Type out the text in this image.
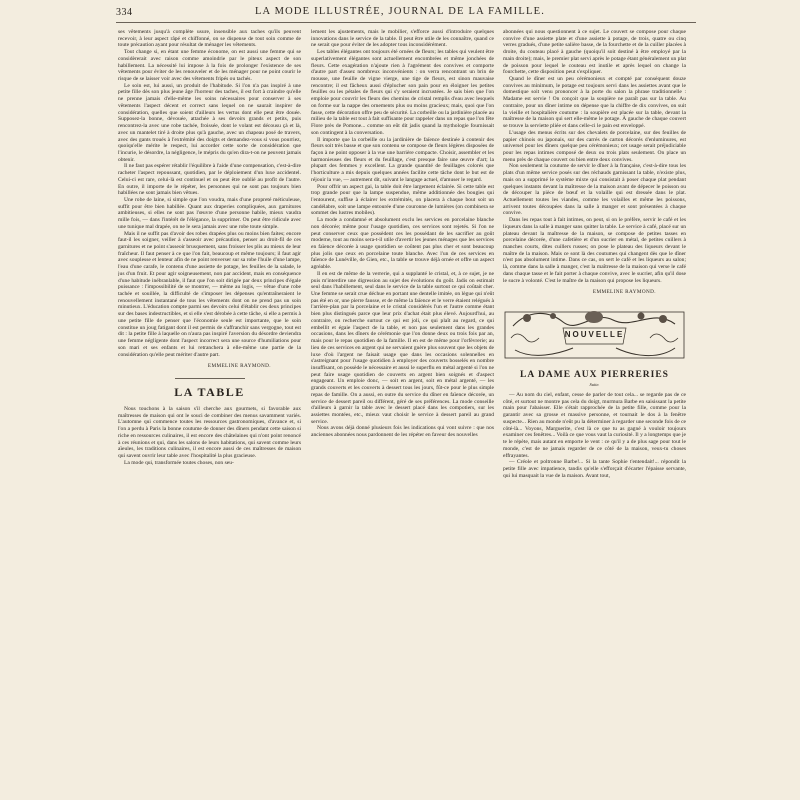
334	LA MODE ILLUSTRÉE, JOURNAL DE LA FAMILLE.

ses vêtements jusqu'à complète usure, insensible aux taches qu'ils peuvent recevoir, à leur aspect râpé et chiffonné, on se dispense de tout soin comme de toute précaution ayant pour résultat de ménager les vêtements.

Tout change si, en étant une femme économe, on est aussi une femme qui se considèrerait avec raison comme amoindrie par le piteux aspect de son habillement. La nécessité lui impose à la fois de prolonger l'existence de ses vêtements pour éviter de les renouveler et de les ménager pour ne point courir le risque de se laisser voir avec des vêtements fripés ou tachés.

Le soin est, lui aussi, un produit de l'habitude. Si l'on n'a pas inspiré à une petite fille dès son plus jeune âge l'horreur des taches, il est fort à craindre qu'elle ne prenne jamais d'elle-même les soins nécessaires pour conserver à ses vêtements l'aspect décent et correct sans lequel on ne saurait inspirer de considération, quelles que soient d'ailleurs les vertus dont elle peut être douée. Supposez-la bonne, dévouée, attachée à ses devoirs grands et petits, puis rencontrez-la avec une robe tachée, froissée, dont le volant est décousu çà et là, avec un mantelet tiré à droite plus qu'à gauche, avec un chapeau posé de travers, avec des gants troués à l'extrémité des doigts et demandez-vous si vous pourriez, quoiqu'elle mérite le respect, lui accorder cette sorte de considération que l'incurie, le désordre, la négligence, le mépris du qu'en dira-t-on ne peuvent jamais obtenir.

Il ne faut pas espérer rétablir l'équilibre à l'aide d'une compensation, c'est-à-dire racheter l'aspect repoussant, quotidien, par le déploiement d'un luxe accidentel. Celui-ci est rare, celui-là est continuel et on peut être oublié au profit de l'autre. En outre, il importe de le répéter, les personnes qui ne sont pas toujours bien habillées ne sont jamais bien vêtues.

Une robe de laine, si simple que l'on voudra, mais d'une propreté méticuleuse, suffit pour être bien habillée. Quant aux draperies compliquées, aux garnitures ambitieuses, si elles ne sont pas l'œuvre d'une personne habile, mieux vaudra mille fois, — dans l'intérêt de l'élégance, la supprimer. On peut être ridicule avec une tunique mal drapée, on ne le sera jamais avec une robe toute simple.

Mais il ne suffit pas d'avoir des robes drapées plus ou moins bien faites; encore faut-il les soigner, veiller à s'asseoir avec précaution, penser au droit-fil de ces garnitures et ne point s'asseoir brusquement, sans froisser les plis au mieux de leur fraîcheur. Il faut penser à ce que l'on fait, beaucoup et même toujours; il faut agir avec souplesse et lenteur afin de ne point renverser sur sa robe l'huile d'une lampe, l'eau d'une carafe, le contenu d'une assiette de potage, les feuilles de la salade, le jus d'un fruit. Et pour agir soigneusement, non par accident, mais en conséquence d'une habitude inébranlable, il faut que l'on soit dirigée par deux principes d'égale puissance : l'impossibilité de se montrer, — même au logis, — vêtue d'une robe tachée et souillée, la difficulté de s'imposer les dépenses qu'entraîneraient le renouvellement instantané de tous les vêtements dont on ne prend pas un soin minutieux. L'éducation compte parmi ses devoirs celui d'établir ces deux principes sur des bases indestructibles, et si elle s'est dérobée à cette tâche, si elle a permis à une petite fille de penser que l'économie seule est importante, que le soin constitue un joug fatigant dont il est permis de s'affranchir sans vergogne, tout est dit : la petite fille à laquelle on n'aura pas inspiré l'aversion du désordre deviendra une femme négligente dont l'aspect incorrect sera une source d'humiliations pour son mari et ses enfants et lui retranchera à elle-même une partie de la considération qu'elle peut mériter d'autre part.

EMMELINE RAYMOND.

LA TABLE

Nous touchons à la saison s'il cherche aux gourmets, si favorable aux maîtresses de maison qui ont le souci de combiner des menus savamment variés. L'automne qui commence toutes les ressources gastronomiques, d'avance et, si l'on a perdu à Paris la bonne coutume de donner des dîners pendant cette saison si riche en ressources culinaires, il est encore des châtelaines qui n'ont point renoncé à ces réunions et qui, dans les salons de leurs habitations, qui savent comme leurs aïeules, les traditions culinaires, il est encore aussi de ces maîtresses de maison qui savent ouvrir leur table avec l'hospitalité la plus gracieuse.

La mode qui, transformée toutes choses, non seu-

lement les ajustements, mais le mobilier, s'efforce aussi d'introduire quelques innovations dans le service de la table. Il peut être utile de les connaître, quand ce ne serait que pour éviter de les adopter tous inconsidérément.

Les tables élégantes ont toujours été ornées de fleurs; les tables qui veulent être superlativement élégantes sont actuellement encombrées et même jonchées de fleurs. Cette exagération n'ajoute rien à l'agrément des convives et comporte d'autre part d'assez nombreux inconvénients : on verra rencontrant un brin de mousse, une feuille de vigne vierge, une tige de fleurs, est sinon mauvaise rencontre; il est fâcheux aussi d'éplucher son pain pour en éloigner les petites feuilles ou les pétales de fleurs qui s'y seraient incrustées. Je sais bien que l'on emploie pour couvrir les fleurs des chemins de cristal remplis d'eau avec lesquels on forme sur la nappe des ornements plus ou moins gracieux; mais, quoi que l'on fasse, cette décoration offre peu de sécurité. La corbeille ou la jardinière placée au milieu de la table est tout à fait suffisante pour rappeler dans un repas que l'on fête Flore près de Pomone... comme on eût dit jadis quand la mythologie fournissait son contingent à la conversation.

Il importe que la corbeille ou la jardinière de faïence destinée à contenir des fleurs soit très basse et que son contenu se compose de fleurs légères disposées de façon à ne point opposer à la vue une barrière compacte. Choisir, assembler et les harmonieuses des fleurs et du feuillage, c'est presque faire une œuvre d'art; la plupart des femmes y excellent. La grande quantité de feuillages colorés que l'horticulture a mis depuis quelques années facilite cette tâche dont le but est de réjouir la vue, — autrement dit, suivant le langage actuel, d'amuser le regard.

Pour offrir un aspect gai, la table doit être largement éclairée. Si cette table est trop grande pour que la lampe suspendue, même additionnée des bougies qui l'entourent, suffise à éclairer les extrémités, on placera à chaque bout soit un candélabre, soit une lampe entourée d'une couronne de lumières (on combinera se sommet des lustres mobiles).

La mode a condamné et absolument exclu les services en porcelaine blanche non décorée; même pour l'usage quotidien, ces services sont rejetés. Si l'on ne peut conserver ceux que possèdent ces les possédant de les sacrifier au goût moderne, tout au moins sera-t-il utile d'avertir les jeunes ménages que les services en faïence décorée à usage quotidien se coûtent pas plus cher et sont beaucoup plus jolis que ceux en porcelaine toute blanche. Avec l'un de ces services en faïence de Lunéville, de Gien, etc., la table se trouve déjà ornée et offre un aspect agréable.

Il en est de même de la verrerie, qui a supplanté le cristal, et, à ce sujet, je ne puis m'interdire une digression au sujet des évolutions du goût. Jadis on estimait seul dans l'habillement, seul dans le service de la table surtout ce qui coûtait cher. Une femme se serait crue déchue en portant une dentelle imitée, on lègue qui n'eût pas été en or, une pierre fausse, et de même la faïence et le verre étaient relégués à l'arrière-plan par la porcelaine et le cristal considérés l'un et l'autre comme étant bien plus distingués parce que leur prix d'achat était plus élevé. Aujourd'hui, au contraire, on recherche surtout ce qui est joli, ce qui plaît au regard, ce qui embellit et égaie l'aspect de la table, et non pas seulement dans les grandes occasions, dans les dîners de cérémonie que l'on donne deux ou trois fois par an, mais pour le repas quotidien de la famille. Il en est de même pour l'orfèvrerie; au lieu de ces services en argent qui ne servaient guère plus souvent que les objets de luxe d'où l'argent ne faisait usage que dans les occasions solennelles en s'astreignant pour l'usage quotidien à employer des couverts bosselés en nombre insuffisant, on possède le nécessaire et aussi le superflu en métal argenté si l'on ne peut faire usage quotidien de couverts en argent bien soignés et d'aspect engageant. Un emploie donc, — soit en argent, soit en métal argenté, — les grands couverts et les couverts à dessert tous les jours, fût-ce pour le plus simple repas de famille. On a aussi, en outre du service du dîner en faïence décorée, un service de dessert pareil ou différent, géré de ses préférences. La mode conseille d'ailleurs à garnir la table avec le dessert placé dans les compotiers, sur les assiettes montées, etc., mieux vaut choisir le service à dessert pareil au grand service.

Nous avons déjà donné plusieurs fois les indications qui vont suivre : que nos anciennes abonnées nous pardonnent de les répéter en faveur des nouvelles

abonnées qui nous questionnent à ce sujet. Le couvert se compose pour chaque convive d'une assiette plate et d'une assiette à potage, de trois, quatre ou cinq verres gradués, d'une petite salière basse, de la fourchette et de la cuiller placées à droite, du couteau placé à gauche (quoiqu'il soit destiné à être employé par la main droite); mais, le premier plat servi après le potage étant généralement un plat de poisson pour lequel le couteau est inutile et après lequel on change la fourchette, cette disposition peut s'expliquer.

Quand le dîner est un peu cérémonieux et compté par conséquent douze convives au minimum, le potage est toujours servi dans les assiettes avant que le domestique soit venu prononcer à la porte du salon la phrase traditionnelle : Madame est servie ! On conçoit que la soupière ne paraît pas sur la table. Au contraire, pour un dîner intime on dépense que la chiffre de dix convives, on suit la vieille et hospitalière coutume : la soupière est placée sur la table, devant la maîtresse de la maison qui sert elle-même le potage. À gauche de chaque couvert se trouve la serviette pliée et dans celle-ci le pain est enveloppé.

L'usage des menus écrits sur des chevalets de porcelaine, sur des feuilles de papier chinois ou japonais, sur des carrés de carton décorés d'enluminures, est universel pour les dîners quelque peu cérémonieux; cet usage serait préjudiciable pour les repas intimes composé de deux ou trois plats seulement. On place un menu près de chaque couvert ou bien entre deux convives.

Non seulement la coutume de servir le dîner à la française, c'est-à-dire tous les plats d'un même service posés sur des réchauds garnissant la table, n'existe plus, mais on a supprimé le système mixte qui consistait à poser chaque plat pendant quelques instants devant la maîtresse de la maison avant de dépecer le poisson ou de découper la pièce de bœuf et la volaille qui est dressée dans le plat. Actuellement toutes les viandes, comme les volailles et même les poissons, arrivent toutes découpées dans la salle à manger et sont présentées à chaque convive.

Dans les repas tout à fait intimes, on peut, si on le préfère, servir le café et les liqueurs dans la salle à manger sans quitter la table. Le service à café, placé sur un plateau devant la maîtresse de la maison, se compose de petites tasses en porcelaine décorée, d'une cafetière et d'un sucrier en métal, de petites cuillers à manches courts, dites cuillers russes; on pose le plateau des liqueurs devant le maître de la maison. Mais ce sont là des coutumes qui changent dès que le dîner n'est pas absolument intime. Dans ce cas, on sert le café et les liqueurs au salon; là, comme dans la salle à manger, c'est la maîtresse de la maison qui verse le café dans chaque tasse et le fait porter à chaque convive, avec le sucrier, afin qu'il dose le sucre à volonté. C'est le maître de la maison qui propose les liqueurs.

EMMELINE RAYMOND.

NOUVELLE
LA DAME AUX PIERRERIES
Suite.

— Au nom du ciel, enfant, cesse de parler de tout cela... se regarde pas de ce côté, et surtout ne montre pas cela du doigt, murmura Barbe en saisissant la petite main pour l'abaisser. Elle s'était rapprochée de la petite fille, comme pour la garantir avec sa grosse et massive personne, et tournait le dos à la fenêtre suspecte... Rien au monde n'eût pu la déterminer à regarder une seconde fois de ce côté-là... Voyons, Marguerite, c'est là ce que tu as gagné à vouloir toujours examiner ces fenêtres... Voilà ce que vous vaut la curiosité. Il y a longtemps que je te le répète, mais autant en emporte le vent : ce qu'il y a de plus sage pour tout le monde, c'est de ne jamais regarder de ce côté de la maison, veux-tu choses effrayantes.

— Créole et poltronne Barbe!... Si la tante Sophie t'entendait!... répondit la petite fille avec impatience, tandis qu'elle s'efforçait d'écarter l'épaisse servante, qui lui masquait la vue de la maison. Avant tout,
